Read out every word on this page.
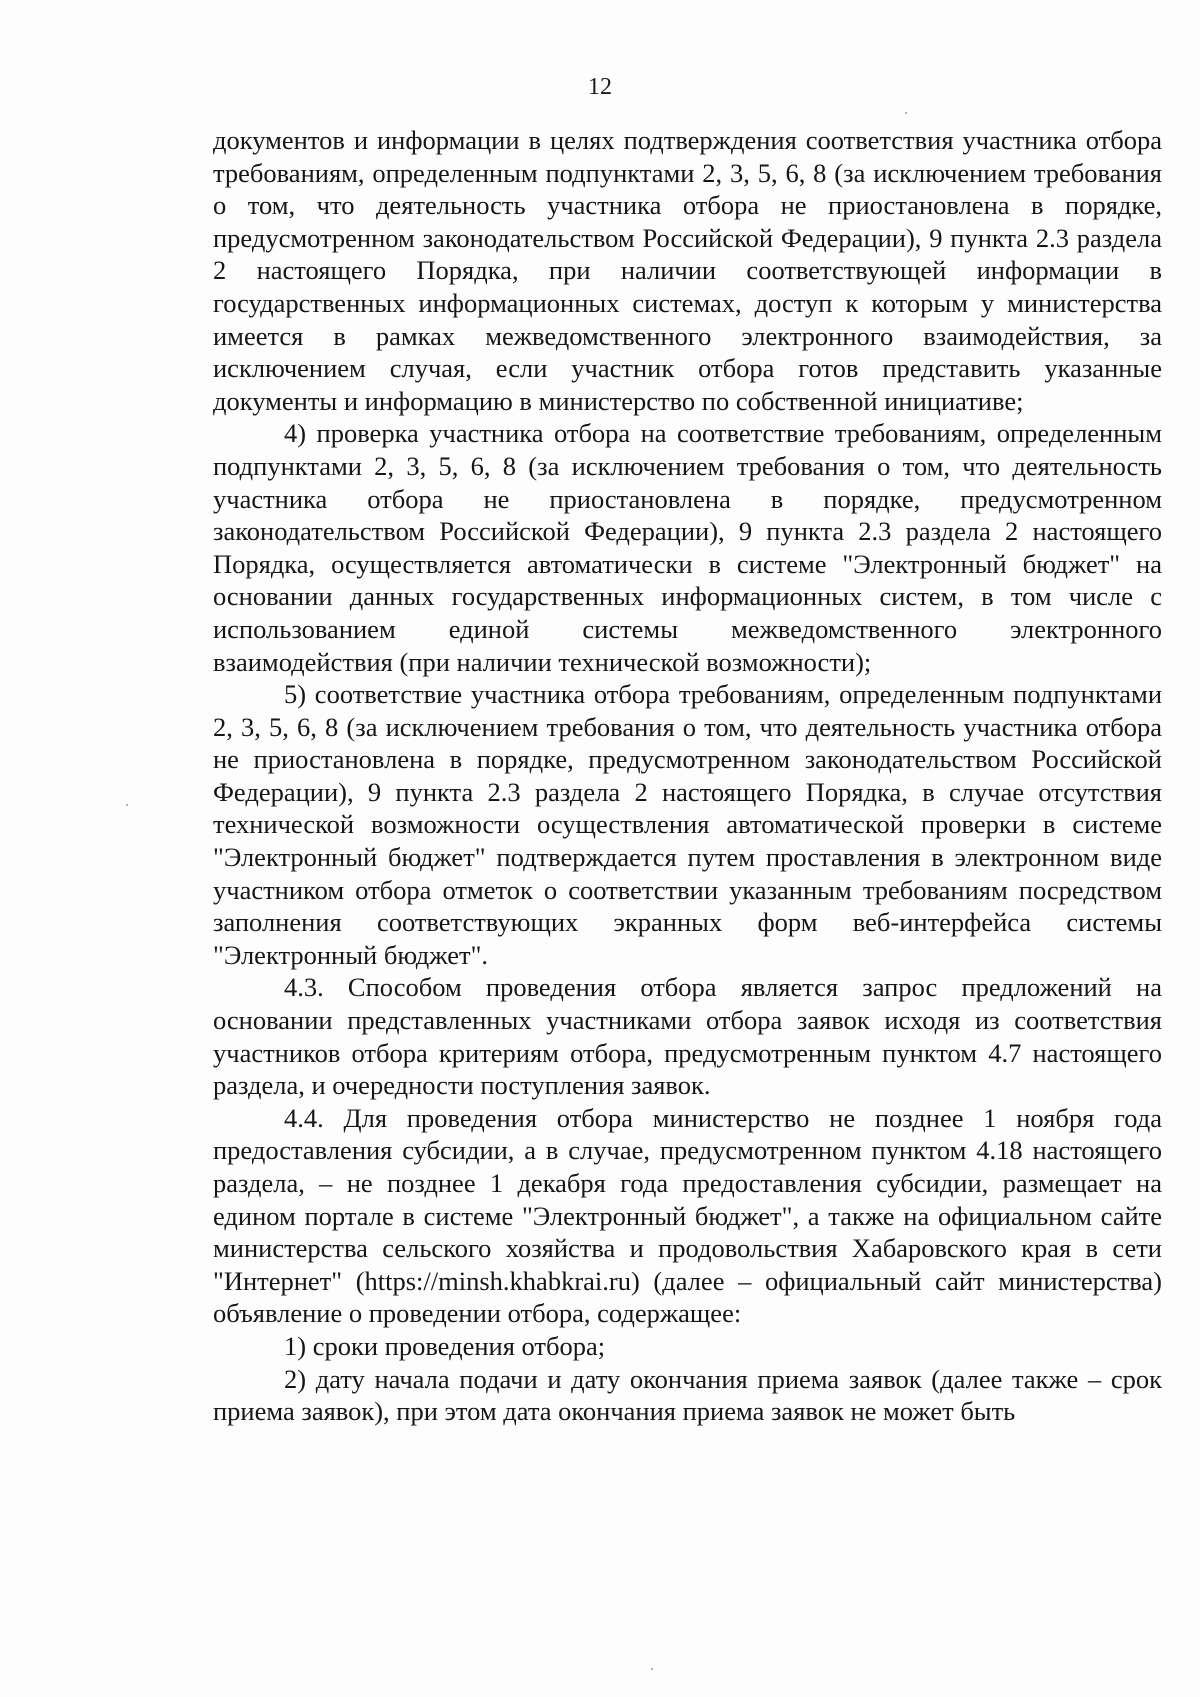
12

документов и информации в целях подтверждения соответствия участника отбора требованиям, определенным подпунктами 2, 3, 5, 6, 8 (за исключением требования о том, что деятельность участника отбора не приостановлена в порядке, предусмотренном законодательством Российской Федерации), 9 пункта 2.3 раздела 2 настоящего Порядка, при наличии соответствующей информации в государственных информационных системах, доступ к которым у министерства имеется в рамках межведомственного электронного взаимодействия, за исключением случая, если участник отбора готов представить указанные документы и информацию в министерство по собственной инициативе;

4) проверка участника отбора на соответствие требованиям, определенным подпунктами 2, 3, 5, 6, 8 (за исключением требования о том, что деятельность участника отбора не приостановлена в порядке, предусмотренном законодательством Российской Федерации), 9 пункта 2.3 раздела 2 настоящего Порядка, осуществляется автоматически в системе "Электронный бюджет" на основании данных государственных информационных систем, в том числе с использованием единой системы межведомственного электронного взаимодействия (при наличии технической возможности);

5) соответствие участника отбора требованиям, определенным подпунктами 2, 3, 5, 6, 8 (за исключением требования о том, что деятельность участника отбора не приостановлена в порядке, предусмотренном законодательством Российской Федерации), 9 пункта 2.3 раздела 2 настоящего Порядка, в случае отсутствия технической возможности осуществления автоматической проверки в системе "Электронный бюджет" подтверждается путем проставления в электронном виде участником отбора отметок о соответствии указанным требованиям посредством заполнения соответствующих экранных форм веб-интерфейса системы "Электронный бюджет".

4.3. Способом проведения отбора является запрос предложений на основании представленных участниками отбора заявок исходя из соответствия участников отбора критериям отбора, предусмотренным пунктом 4.7 настоящего раздела, и очередности поступления заявок.

4.4. Для проведения отбора министерство не позднее 1 ноября года предоставления субсидии, а в случае, предусмотренном пунктом 4.18 настоящего раздела, – не позднее 1 декабря года предоставления субсидии, размещает на едином портале в системе "Электронный бюджет", а также на официальном сайте министерства сельского хозяйства и продовольствия Хабаровского края в сети "Интернет" (https://minsh.khabkrai.ru) (далее – официальный сайт министерства) объявление о проведении отбора, содержащее:

1) сроки проведения отбора;

2) дату начала подачи и дату окончания приема заявок (далее также – срок приема заявок), при этом дата окончания приема заявок не может быть
